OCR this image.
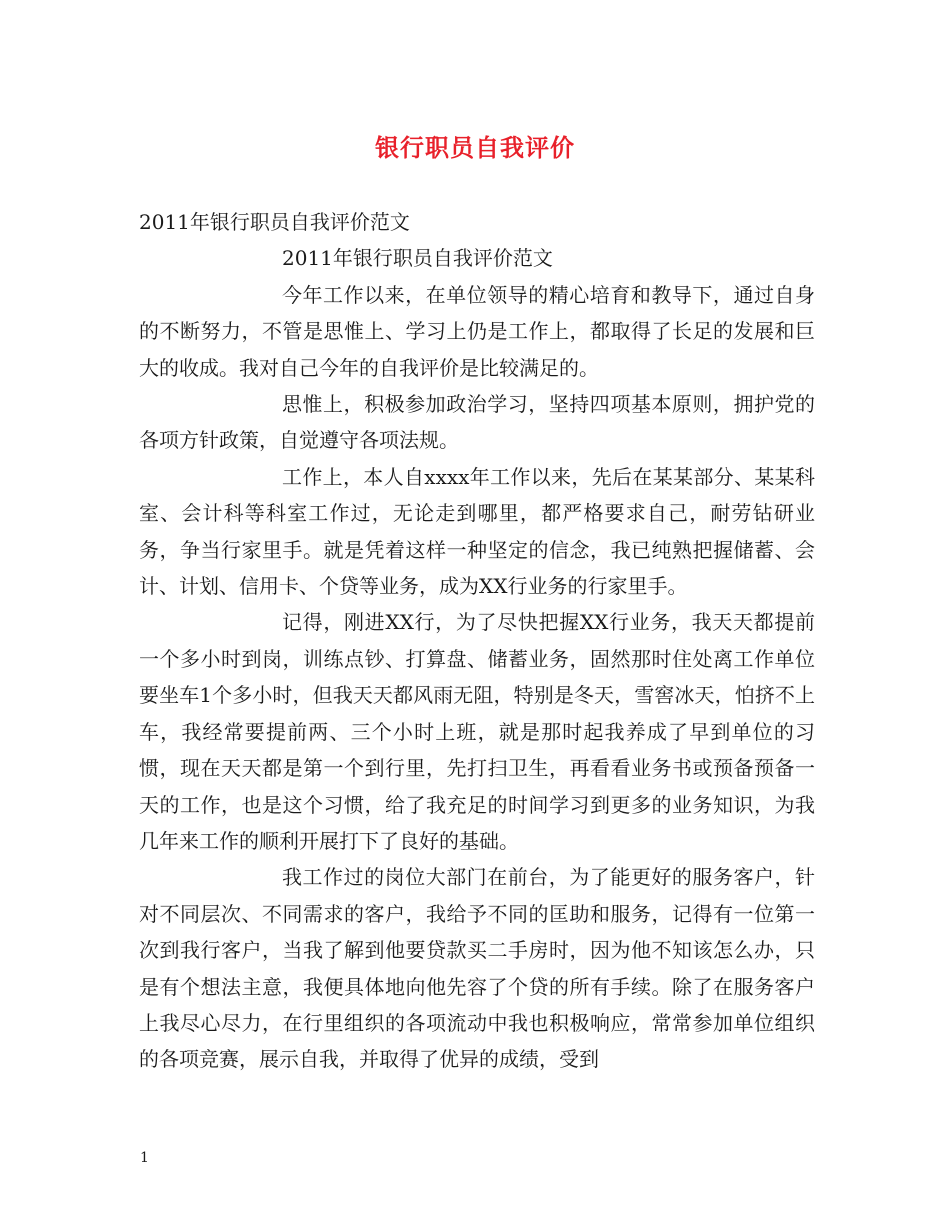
银行职员自我评价

2011年银行职员自我评价范文

2011年银行职员自我评价范文

今年工作以来，在单位领导的精心培育和教导下，通过自身的不断努力，不管是思惟上、学习上仍是工作上，都取得了长足的发展和巨大的收成。我对自己今年的自我评价是比较满足的。

思惟上，积极参加政治学习，坚持四项基本原则，拥护党的各项方针政策，自觉遵守各项法规。

工作上，本人自xxxx年工作以来，先后在某某部分、某某科室、会计科等科室工作过，无论走到哪里，都严格要求自己，耐劳钻研业务，争当行家里手。就是凭着这样一种坚定的信念，我已纯熟把握储蓄、会计、计划、信用卡、个贷等业务，成为XX行业务的行家里手。

记得，刚进XX行，为了尽快把握XX行业务，我天天都提前一个多小时到岗，训练点钞、打算盘、储蓄业务，固然那时住处离工作单位要坐车1个多小时，但我天天都风雨无阻，特别是冬天，雪窖冰天，怕挤不上车，我经常要提前两、三个小时上班，就是那时起我养成了早到单位的习惯，现在天天都是第一个到行里，先打扫卫生，再看看业务书或预备预备一天的工作，也是这个习惯，给了我充足的时间学习到更多的业务知识，为我几年来工作的顺利开展打下了良好的基础。

我工作过的岗位大部门在前台，为了能更好的服务客户，针对不同层次、不同需求的客户，我给予不同的匡助和服务，记得有一位第一次到我行客户，当我了解到他要贷款买二手房时，因为他不知该怎么办，只是有个想法主意，我便具体地向他先容了个贷的所有手续。除了在服务客户上我尽心尽力，在行里组织的各项流动中我也积极响应，常常参加单位组织的各项竞赛，展示自我，并取得了优异的成绩，受到

1
